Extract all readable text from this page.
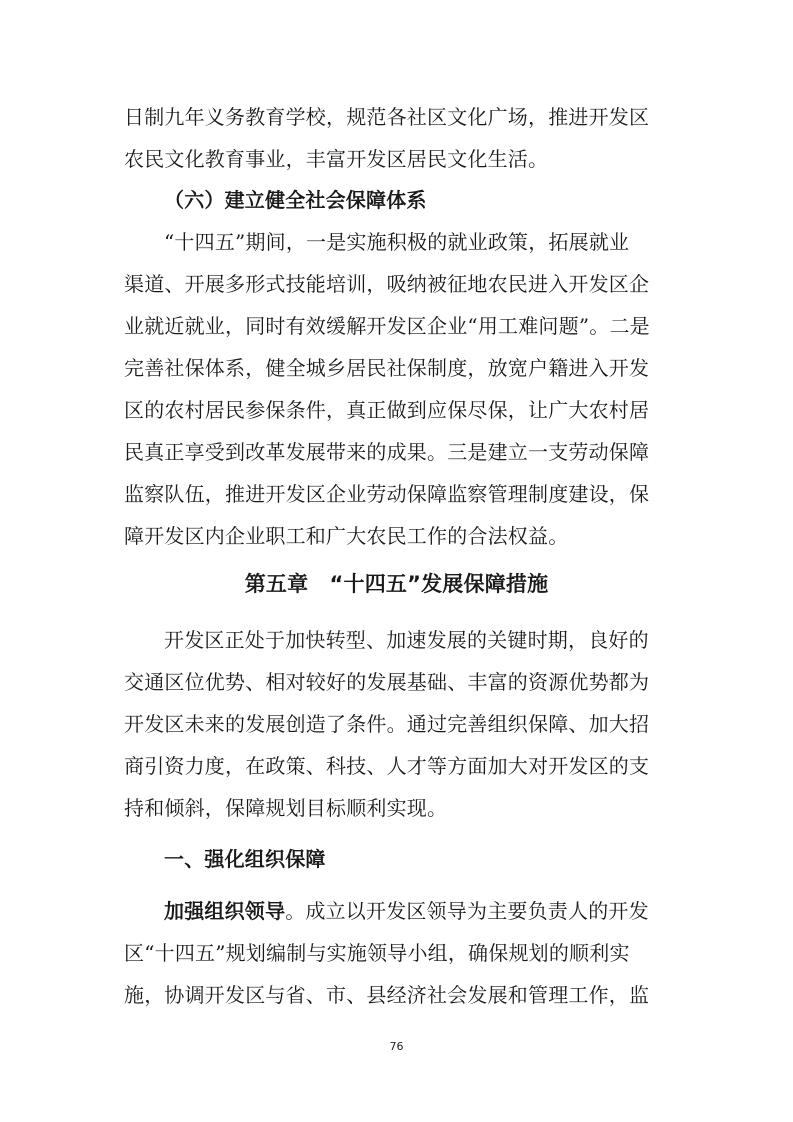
日制九年义务教育学校，规范各社区文化广场，推进开发区
农民文化教育事业，丰富开发区居民文化生活。
（六）建立健全社会保障体系
“十四五”期间，一是实施积极的就业政策，拓展就业
渠道、开展多形式技能培训，吸纳被征地农民进入开发区企
业就近就业，同时有效缓解开发区企业“用工难问题”。二是
完善社保体系，健全城乡居民社保制度，放宽户籍进入开发
区的农村居民参保条件，真正做到应保尽保，让广大农村居
民真正享受到改革发展带来的成果。三是建立一支劳动保障
监察队伍，推进开发区企业劳动保障监察管理制度建设，保
障开发区内企业职工和广大农民工作的合法权益。
第五章　“十四五”发展保障措施
开发区正处于加快转型、加速发展的关键时期，良好的
交通区位优势、相对较好的发展基础、丰富的资源优势都为
开发区未来的发展创造了条件。通过完善组织保障、加大招
商引资力度，在政策、科技、人才等方面加大对开发区的支
持和倾斜，保障规划目标顺利实现。
一、强化组织保障
加强组织领导。成立以开发区领导为主要负责人的开发
区“十四五”规划编制与实施领导小组，确保规划的顺利实
施，协调开发区与省、市、县经济社会发展和管理工作，监
76
